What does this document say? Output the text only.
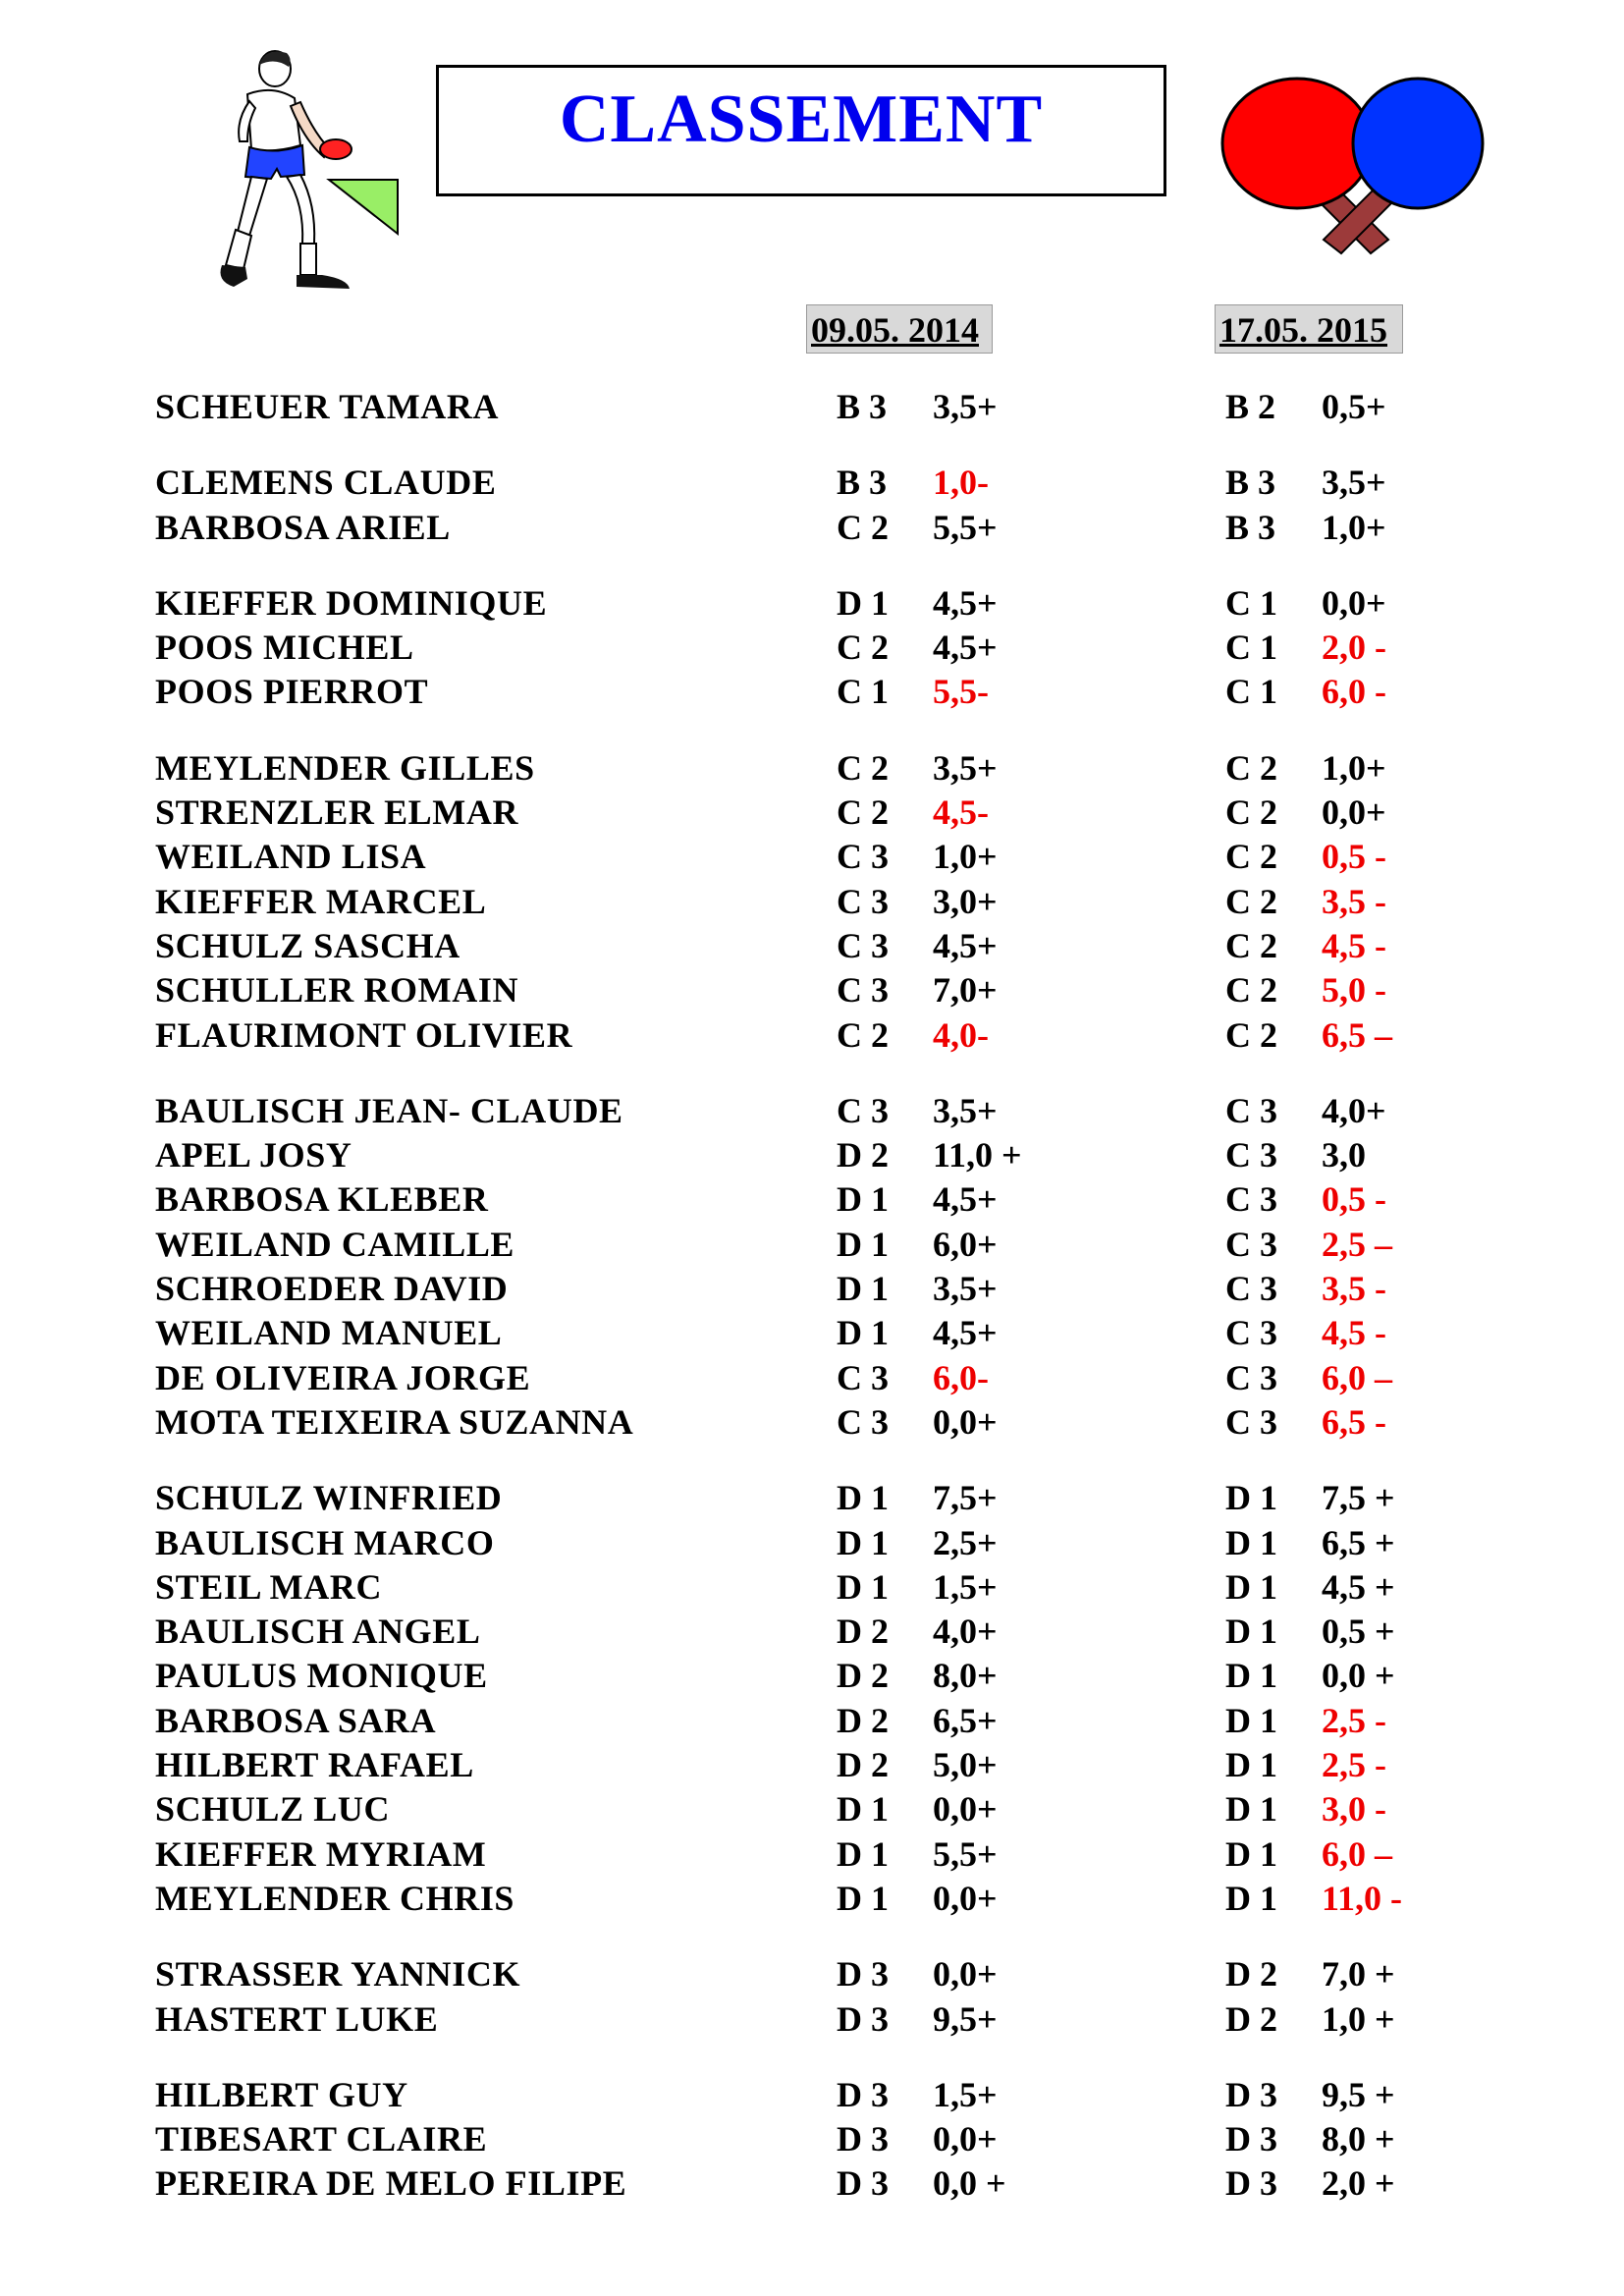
CLASSEMENT
09.05. 2014	17.05. 2015
SCHEUER TAMARA	B 3 3,5+	B 2 0,5+
CLEMENS CLAUDE	B 3 1,0-	B 3 3,5+
BARBOSA ARIEL	C 2 5,5+	B 3 1,0+
KIEFFER DOMINIQUE	D 1 4,5+	C 1 0,0+
POOS MICHEL	C 2 4,5+	C 1 2,0 -
POOS PIERROT	C 1 5,5-	C 1 6,0 -
MEYLENDER GILLES	C 2 3,5+	C 2 1,0+
STRENZLER ELMAR	C 2 4,5-	C 2 0,0+
WEILAND LISA	C 3 1,0+	C 2 0,5 -
KIEFFER MARCEL	C 3 3,0+	C 2 3,5 -
SCHULZ SASCHA	C 3 4,5+	C 2 4,5 -
SCHULLER ROMAIN	C 3 7,0+	C 2 5,0 -
FLAURIMONT OLIVIER	C 2 4,0-	C 2 6,5 –
BAULISCH JEAN- CLAUDE	C 3 3,5+	C 3 4,0+
APEL JOSY	D 2 11,0 +	C 3 3,0
BARBOSA KLEBER	D 1 4,5+	C 3 0,5 -
WEILAND CAMILLE	D 1 6,0+	C 3 2,5 –
SCHROEDER DAVID	D 1 3,5+	C 3 3,5 -
WEILAND MANUEL	D 1 4,5+	C 3 4,5 -
DE OLIVEIRA JORGE	C 3 6,0-	C 3 6,0 –
MOTA TEIXEIRA SUZANNA	C 3 0,0+	C 3 6,5 -
SCHULZ WINFRIED	D 1 7,5+	D 1 7,5 +
BAULISCH MARCO	D 1 2,5+	D 1 6,5 +
STEIL MARC	D 1 1,5+	D 1 4,5 +
BAULISCH ANGEL	D 2 4,0+	D 1 0,5 +
PAULUS MONIQUE	D 2 8,0+	D 1 0,0 +
BARBOSA SARA	D 2 6,5+	D 1 2,5 -
HILBERT RAFAEL	D 2 5,0+	D 1 2,5 -
SCHULZ LUC	D 1 0,0+	D 1 3,0 -
KIEFFER MYRIAM	D 1 5,5+	D 1 6,0 –
MEYLENDER CHRIS	D 1 0,0+	D 1 11,0 -
STRASSER YANNICK	D 3 0,0+	D 2 7,0 +
HASTERT LUKE	D 3 9,5+	D 2 1,0 +
HILBERT GUY	D 3 1,5+	D 3 9,5 +
TIBESART CLAIRE	D 3 0,0+	D 3 8,0 +
PEREIRA DE MELO FILIPE	D 3 0,0 +	D 3 2,0 +
